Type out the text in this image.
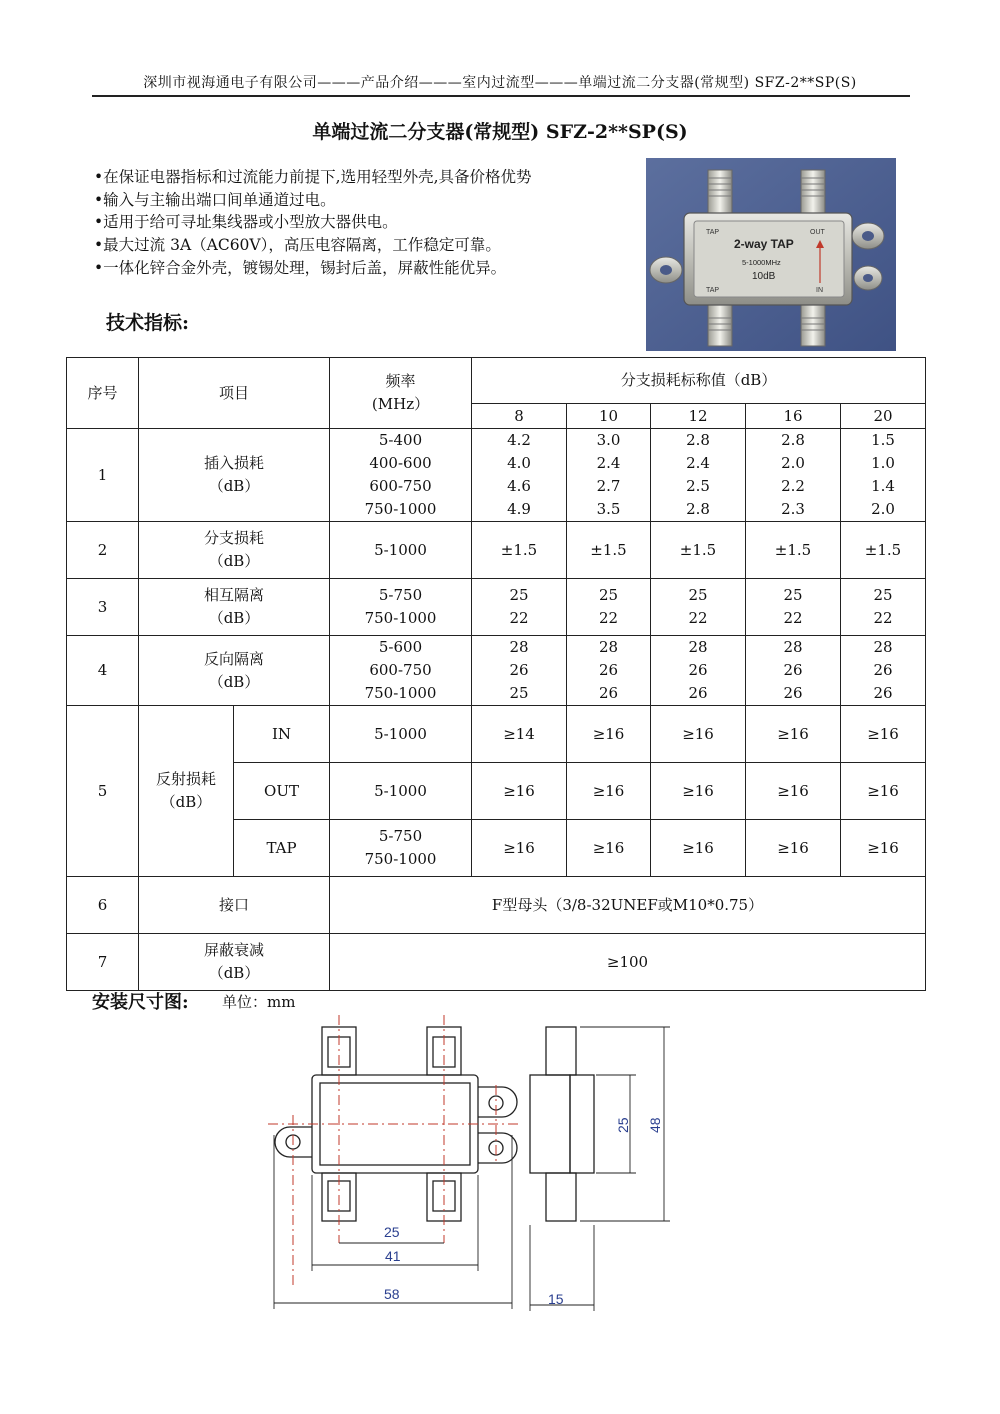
深圳市视海通电子有限公司———产品介绍———室内过流型———单端过流二分支器(常规型) SFZ-2**SP(S)
单端过流二分支器(常规型) SFZ-2**SP(S)
•在保证电器指标和过流能力前提下,选用轻型外壳,具备价格优势
•输入与主输出端口间单通道过电。
•适用于给可寻址集线器或小型放大器供电。
•最大过流 3A（AC60V），高压电容隔离，工作稳定可靠。
•一体化锌合金外壳，镀锡处理，锡封后盖，屏蔽性能优异。
TAP	OUT
2-way TAP
5-1000MHz
10dB
TAP	IN
技术指标:
序号	项目		频率
(MHz）	分支损耗标称值（dB）				
				8	10	12	16	20
1	插入损耗
（dB）		5-400
400-600
600-750
750-1000	4.2
4.0
4.6
4.9	3.0
2.4
2.7
3.5	2.8
2.4
2.5
2.8	2.8
2.0
2.2
2.3	1.5
1.0
1.4
2.0
2	分支损耗
（dB）		5-1000	±1.5	±1.5	±1.5	±1.5	±1.5
3	相互隔离
（dB）		5-750
750-1000	25
22	25
22	25
22	25
22	25
22
4	反向隔离
（dB）		5-600
600-750
750-1000	28
26
25	28
26
26	28
26
26	28
26
26	28
26
26
5	反射损耗
（dB）	IN	5-1000	≥14	≥16	≥16	≥16	≥16
		OUT	5-1000	≥16	≥16	≥16	≥16	≥16
		TAP	5-750
750-1000	≥16	≥16	≥16	≥16	≥16
6	接口		F型母头（3/8-32UNEF或M10*0.75）					
7	屏蔽衰减
（dB）		≥100					
安装尺寸图: 单位：mm
25
41
58	15
25 48
